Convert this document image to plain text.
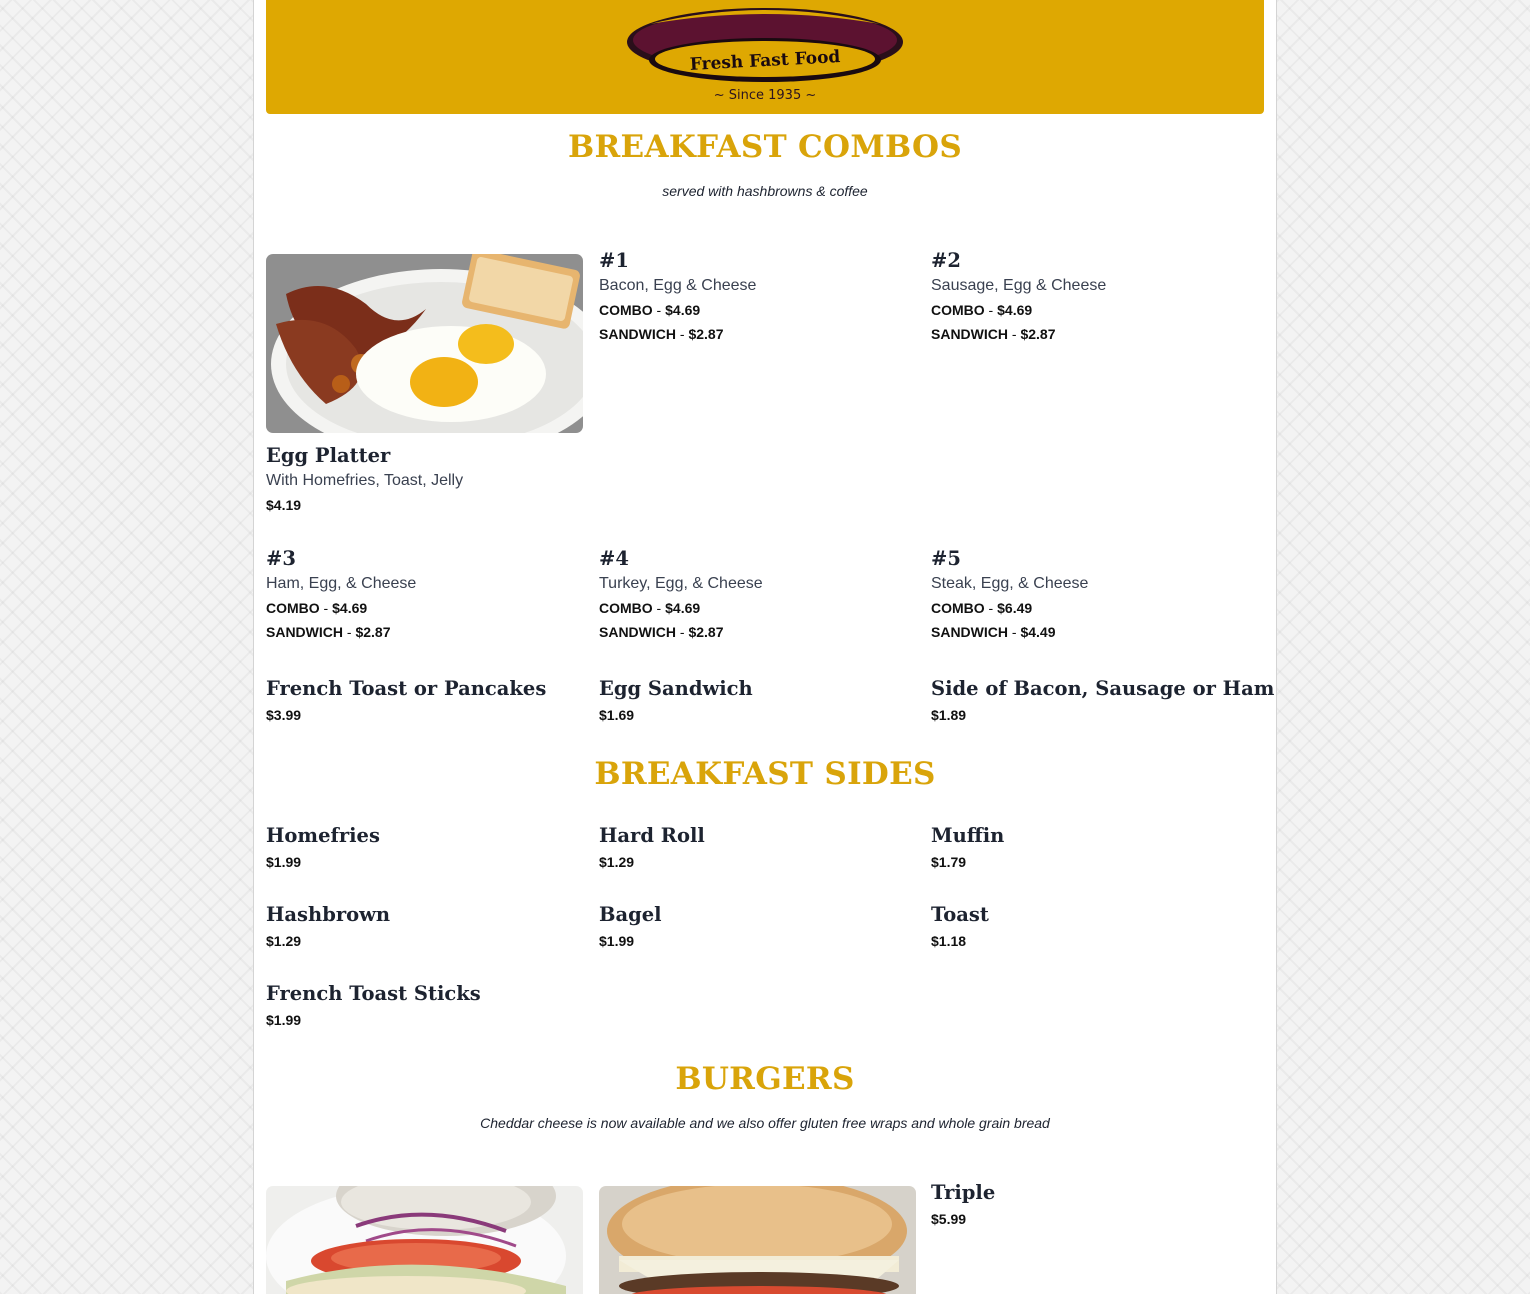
Fresh Fast Food
~ Since 1935 ~
BREAKFAST COMBOS
served with hashbrowns & coffee
#1
Bacon, Egg & Cheese
COMBO - $4.69
SANDWICH - $2.87
#2
Sausage, Egg & Cheese
COMBO - $4.69
SANDWICH - $2.87
Egg Platter
With Homefries, Toast, Jelly
$4.19
#3
Ham, Egg, & Cheese
COMBO - $4.69
SANDWICH - $2.87
#4
Turkey, Egg, & Cheese
COMBO - $4.69
SANDWICH - $2.87
#5
Steak, Egg, & Cheese
COMBO - $6.49
SANDWICH - $4.49
French Toast or Pancakes
$3.99
Egg Sandwich
$1.69
Side of Bacon, Sausage or Ham
$1.89
BREAKFAST SIDES
Homefries
$1.99
Hard Roll
$1.29
Muffin
$1.79
Hashbrown
$1.29
Bagel
$1.99
Toast
$1.18
French Toast Sticks
$1.99
BURGERS
Cheddar cheese is now available and we also offer gluten free wraps and whole grain bread
Triple
$5.99
